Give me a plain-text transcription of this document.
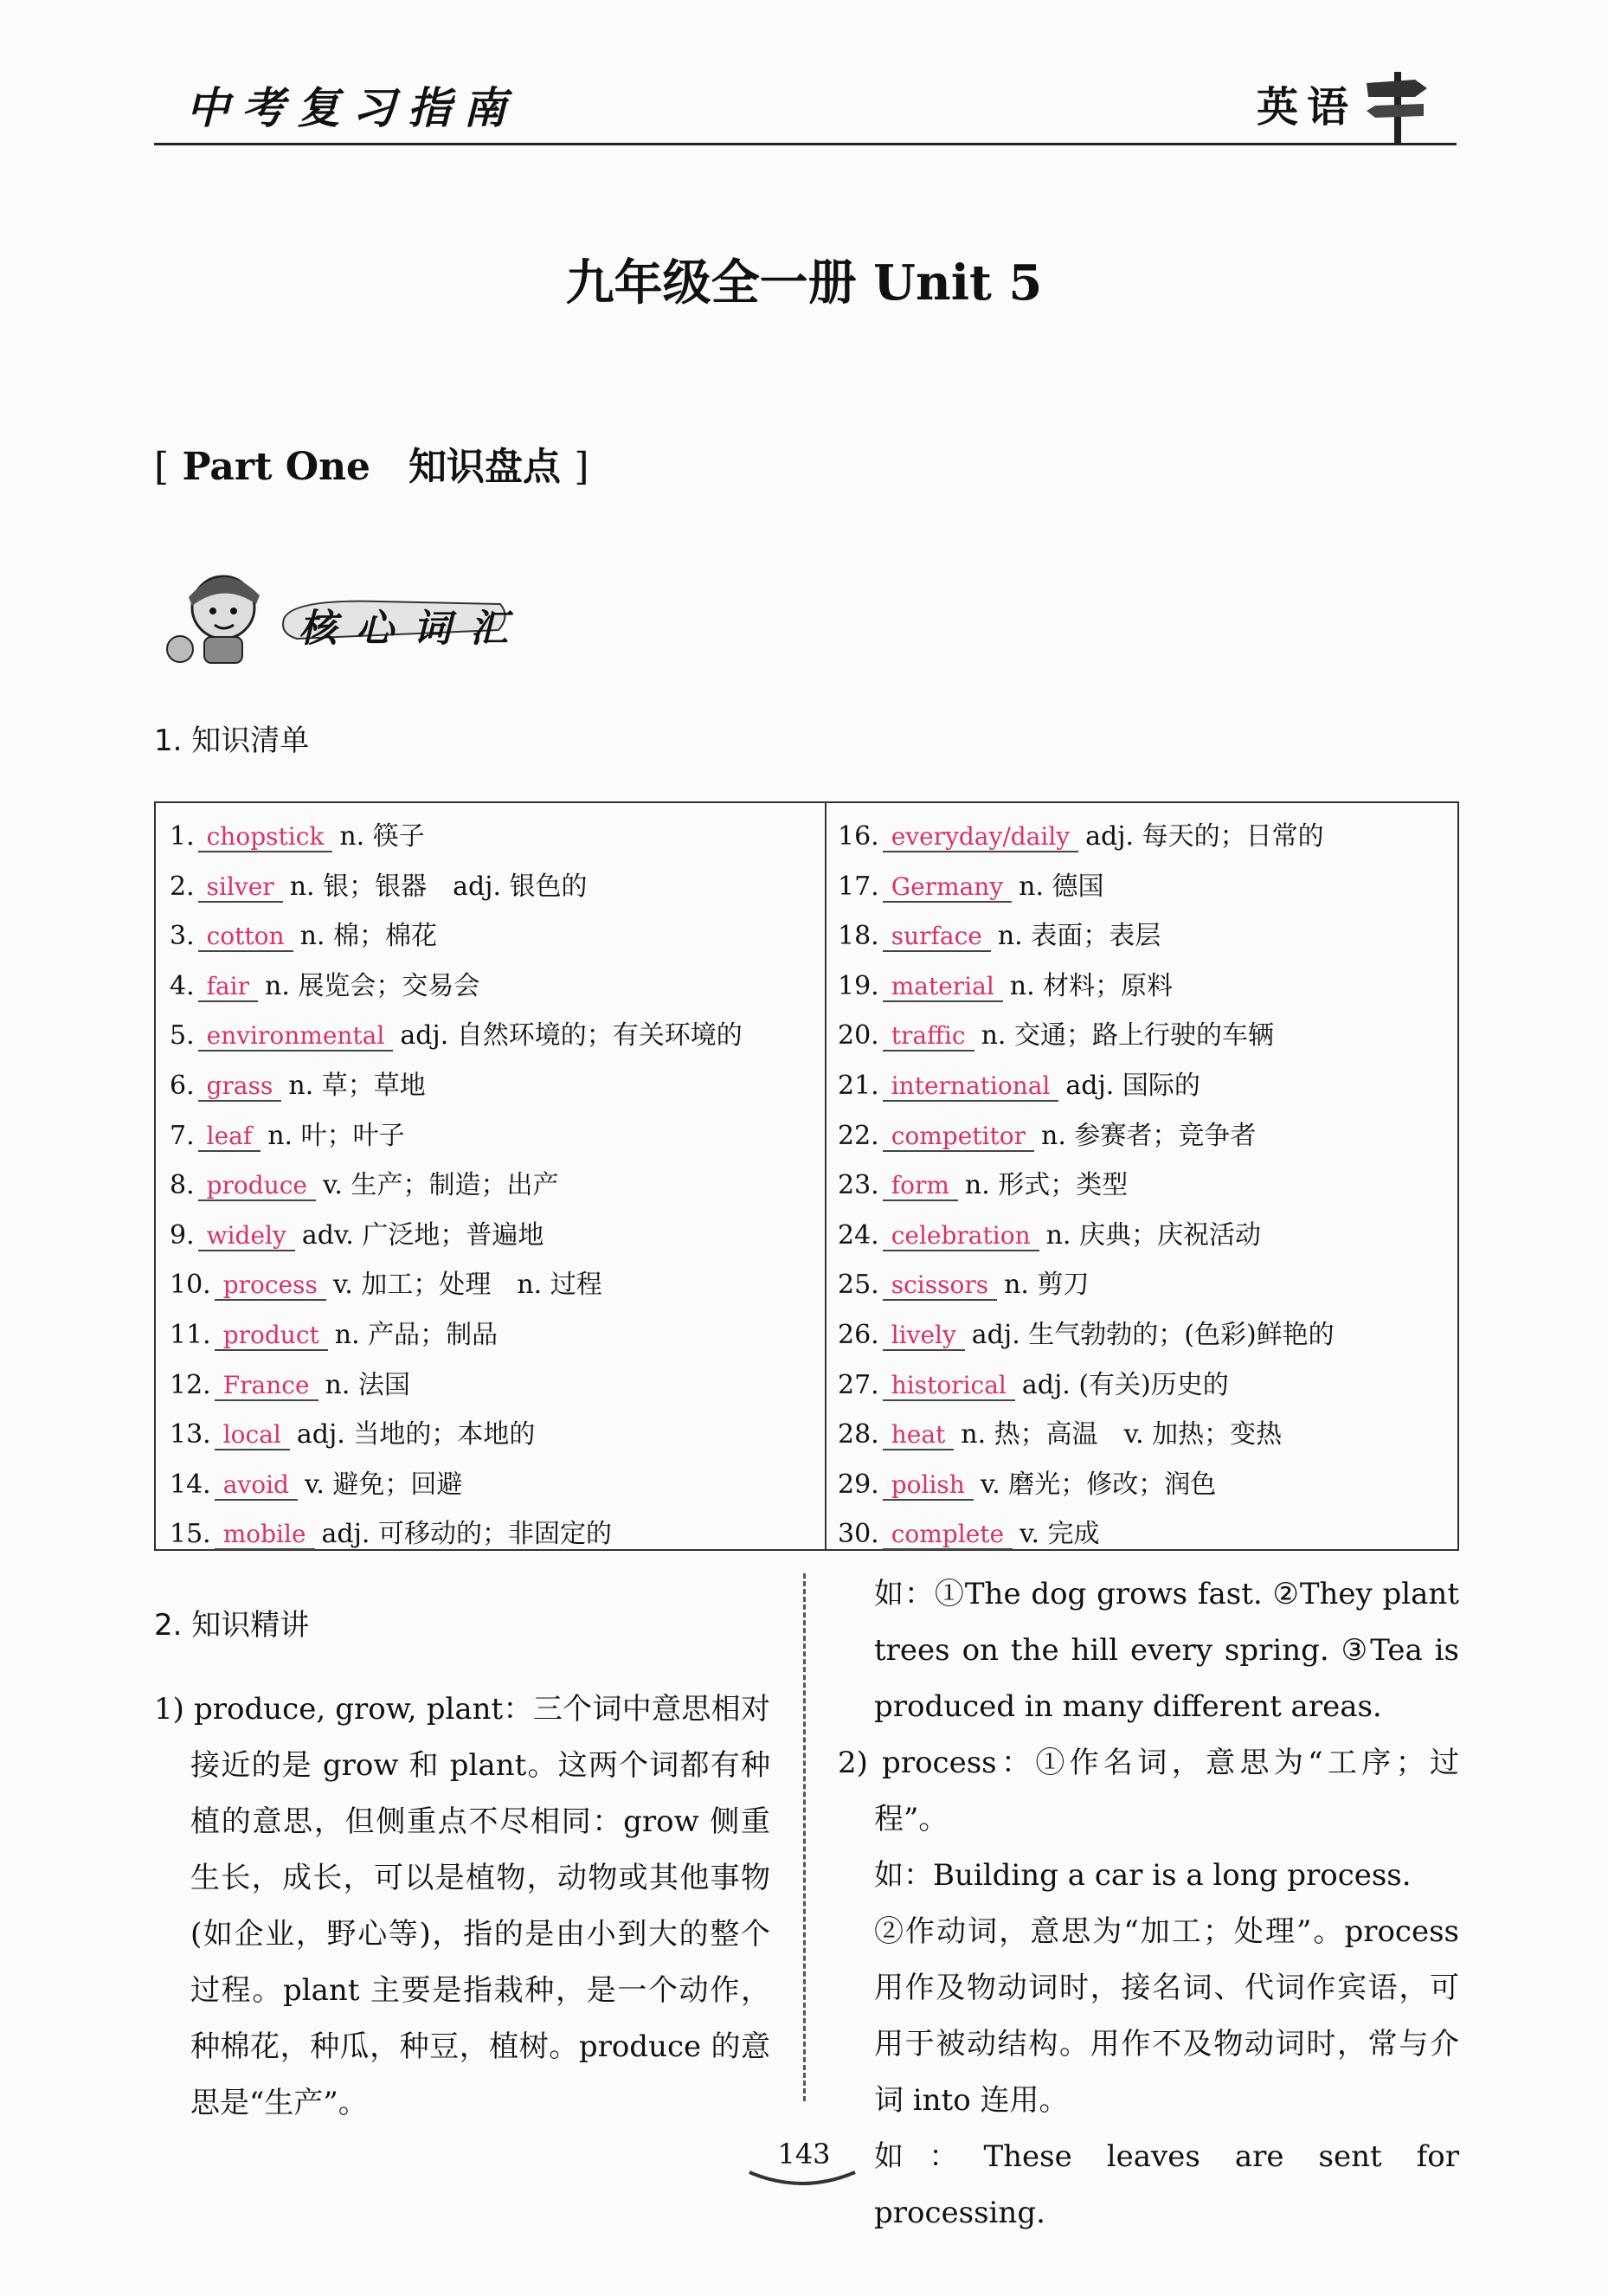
中考复习指南	英语
九年级全一册 Unit 5
[ Part One　 知识盘点 ]
核心词汇
1. 知识清单
1. chopstick n. 筷子
2. silver n. 银；银器　adj. 银色的
3. cotton n. 棉；棉花
4. fair n. 展览会；交易会
5. environmental adj. 自然环境的；有关环境的
6. grass n. 草；草地
7. leaf n. 叶；叶子
8. produce v. 生产；制造；出产
9. widely adv. 广泛地；普遍地
10. process v. 加工；处理　n. 过程
11. product n. 产品；制品
12. France n. 法国
13. local adj. 当地的；本地的
14. avoid v. 避免；回避
15. mobile adj. 可移动的；非固定的
16. everyday/daily adj. 每天的；日常的
17. Germany n. 德国
18. surface n. 表面；表层
19. material n. 材料；原料
20. traffic n. 交通；路上行驶的车辆
21. international adj. 国际的
22. competitor n. 参赛者；竞争者
23. form n. 形式；类型
24. celebration n. 庆典；庆祝活动
25. scissors n. 剪刀
26. lively adj. 生气勃勃的；(色彩)鲜艳的
27. historical adj. (有关)历史的
28. heat n. 热；高温　v. 加热；变热
29. polish v. 磨光；修改；润色
30. complete v. 完成
2. 知识精讲
1) produce, grow, plant：三个词中意思相对接近的是 grow 和 plant。这两个词都有种植的意思，但侧重点不尽相同：grow 侧重生长，成长，可以是植物，动物或其他事物(如企业，野心等)，指的是由小到大的整个过程。plant 主要是指栽种，是一个动作，种棉花，种瓜，种豆，植树。produce 的意思是“生产”。
如：①The dog grows fast. ②They plant trees on the hill every spring. ③Tea is produced in many different areas.
2) process：①作名词，意思为“工序；过程”。
如：Building a car is a long process.
②作动词，意思为“加工；处理”。process 用作及物动词时，接名词、代词作宾语，可用于被动结构。用作不及物动词时，常与介词 into 连用。
如：These leaves are sent for processing.
143
